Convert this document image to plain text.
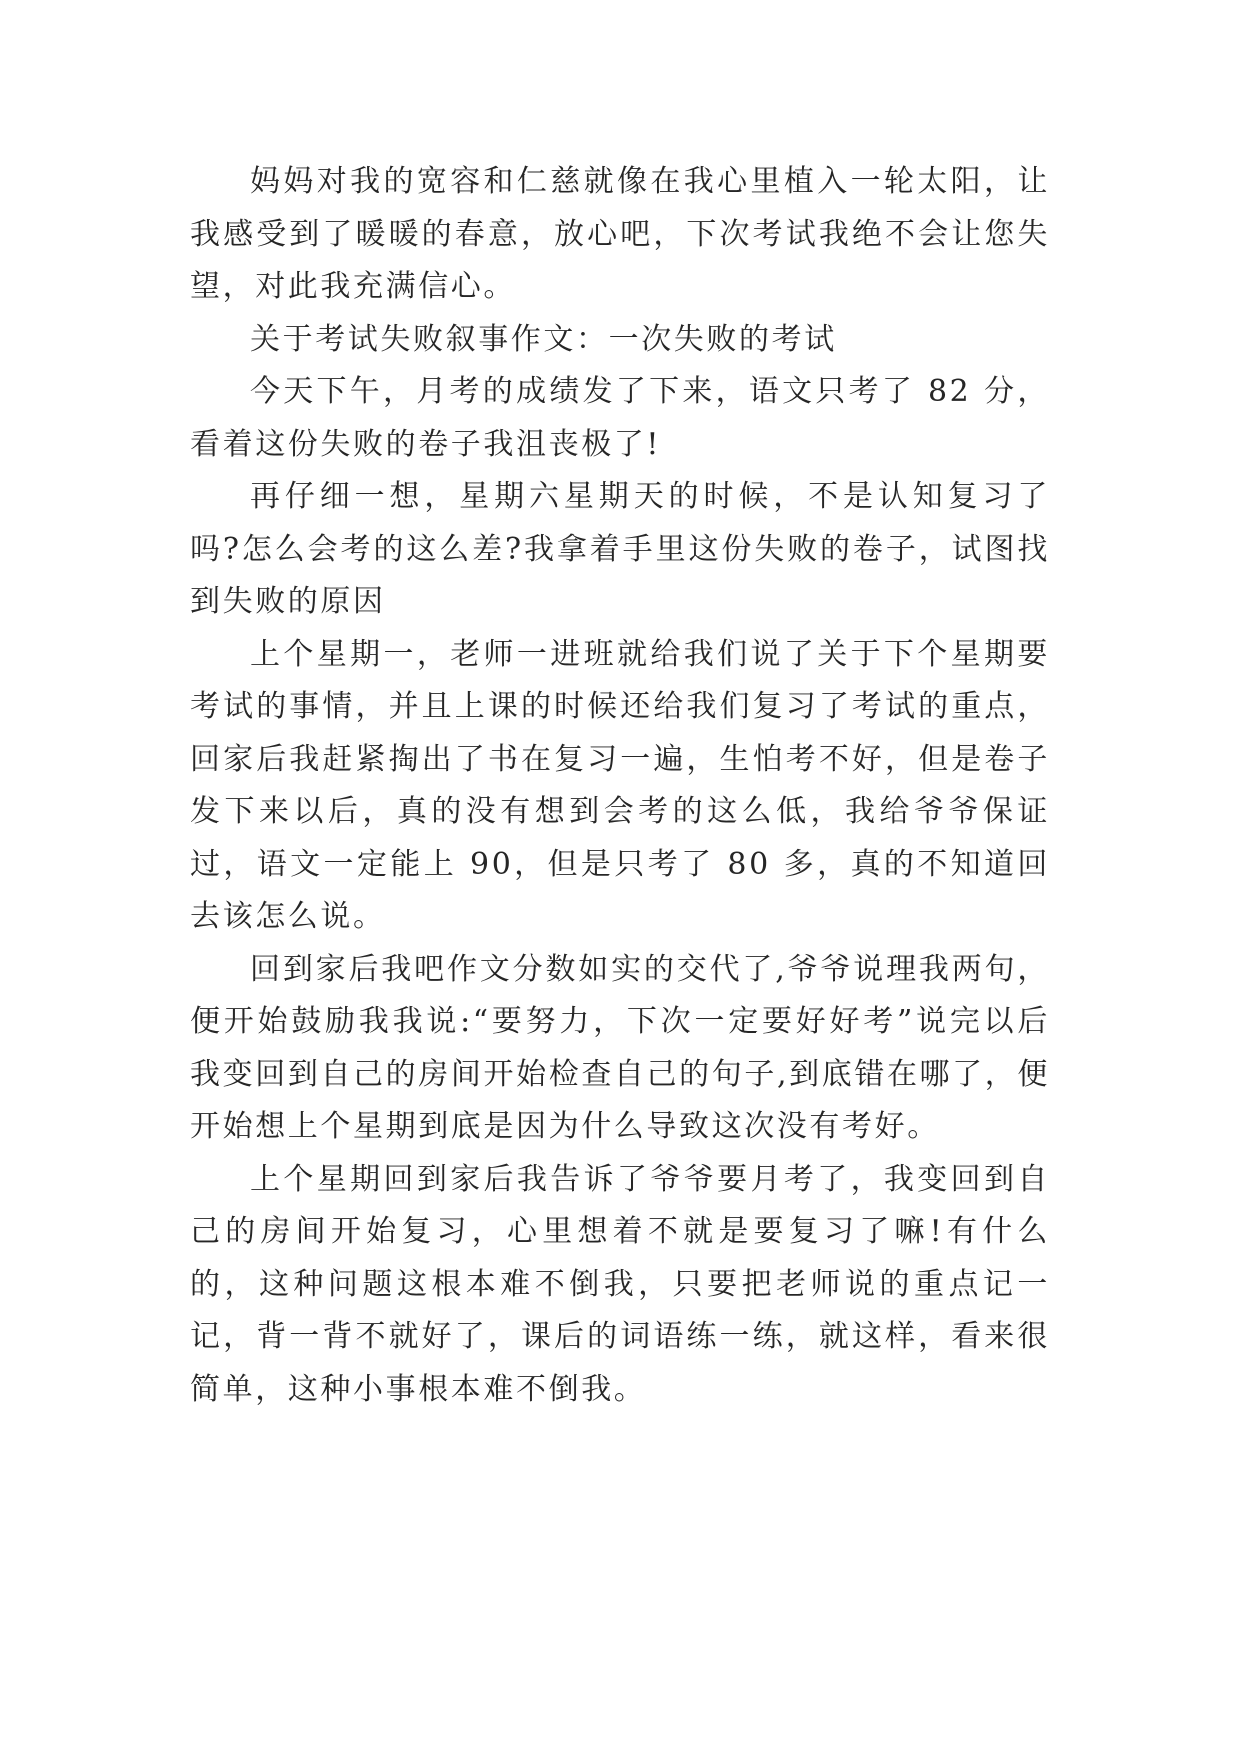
妈妈对我的宽容和仁慈就像在我心里植入一轮太阳，让我感受到了暖暖的春意，放心吧，下次考试我绝不会让您失望，对此我充满信心。

关于考试失败叙事作文：一次失败的考试

今天下午，月考的成绩发了下来，语文只考了 82 分，看着这份失败的卷子我沮丧极了!

再仔细一想，星期六星期天的时候，不是认知复习了吗?怎么会考的这么差?我拿着手里这份失败的卷子，试图找到失败的原因

上个星期一，老师一进班就给我们说了关于下个星期要考试的事情，并且上课的时候还给我们复习了考试的重点，回家后我赶紧掏出了书在复习一遍，生怕考不好，但是卷子发下来以后，真的没有想到会考的这么低，我给爷爷保证过，语文一定能上 90，但是只考了 80 多，真的不知道回去该怎么说。

回到家后我吧作文分数如实的交代了,爷爷说理我两句，便开始鼓励我我说:“要努力，下次一定要好好考”说完以后我变回到自己的房间开始检查自己的句子,到底错在哪了，便开始想上个星期到底是因为什么导致这次没有考好。

上个星期回到家后我告诉了爷爷要月考了，我变回到自己的房间开始复习，心里想着不就是要复习了嘛!有什么的，这种问题这根本难不倒我，只要把老师说的重点记一记，背一背不就好了，课后的词语练一练，就这样，看来很简单，这种小事根本难不倒我。
